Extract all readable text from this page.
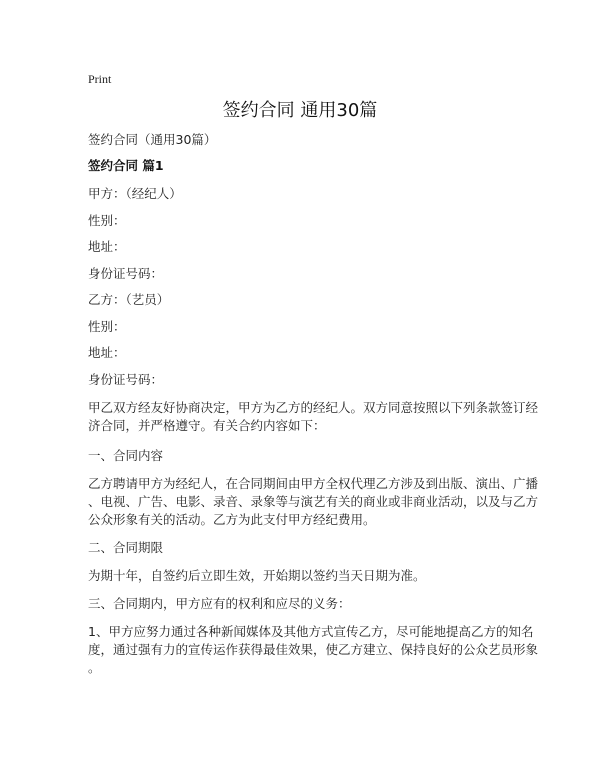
Print
签约合同 通用30篇
签约合同（通用30篇）
签约合同 篇1
甲方：（经纪人）
性别：
地址：
身份证号码：
乙方：（艺员）
性别：
地址：
身份证号码：
甲乙双方经友好协商决定，甲方为乙方的经纪人。双方同意按照以下列条款签订经
济合同，并严格遵守。有关合约内容如下：
一、合同内容
乙方聘请甲方为经纪人，在合同期间由甲方全权代理乙方涉及到出版、演出、广播
、电视、广告、电影、录音、录象等与演艺有关的商业或非商业活动，以及与乙方
公众形象有关的活动。乙方为此支付甲方经纪费用。
二、合同期限
为期十年，自签约后立即生效，开始期以签约当天日期为准。
三、合同期内，甲方应有的权利和应尽的义务：
1、甲方应努力通过各种新闻媒体及其他方式宣传乙方，尽可能地提高乙方的知名
度，通过强有力的宣传运作获得最佳效果，使乙方建立、保持良好的公众艺员形象
。
